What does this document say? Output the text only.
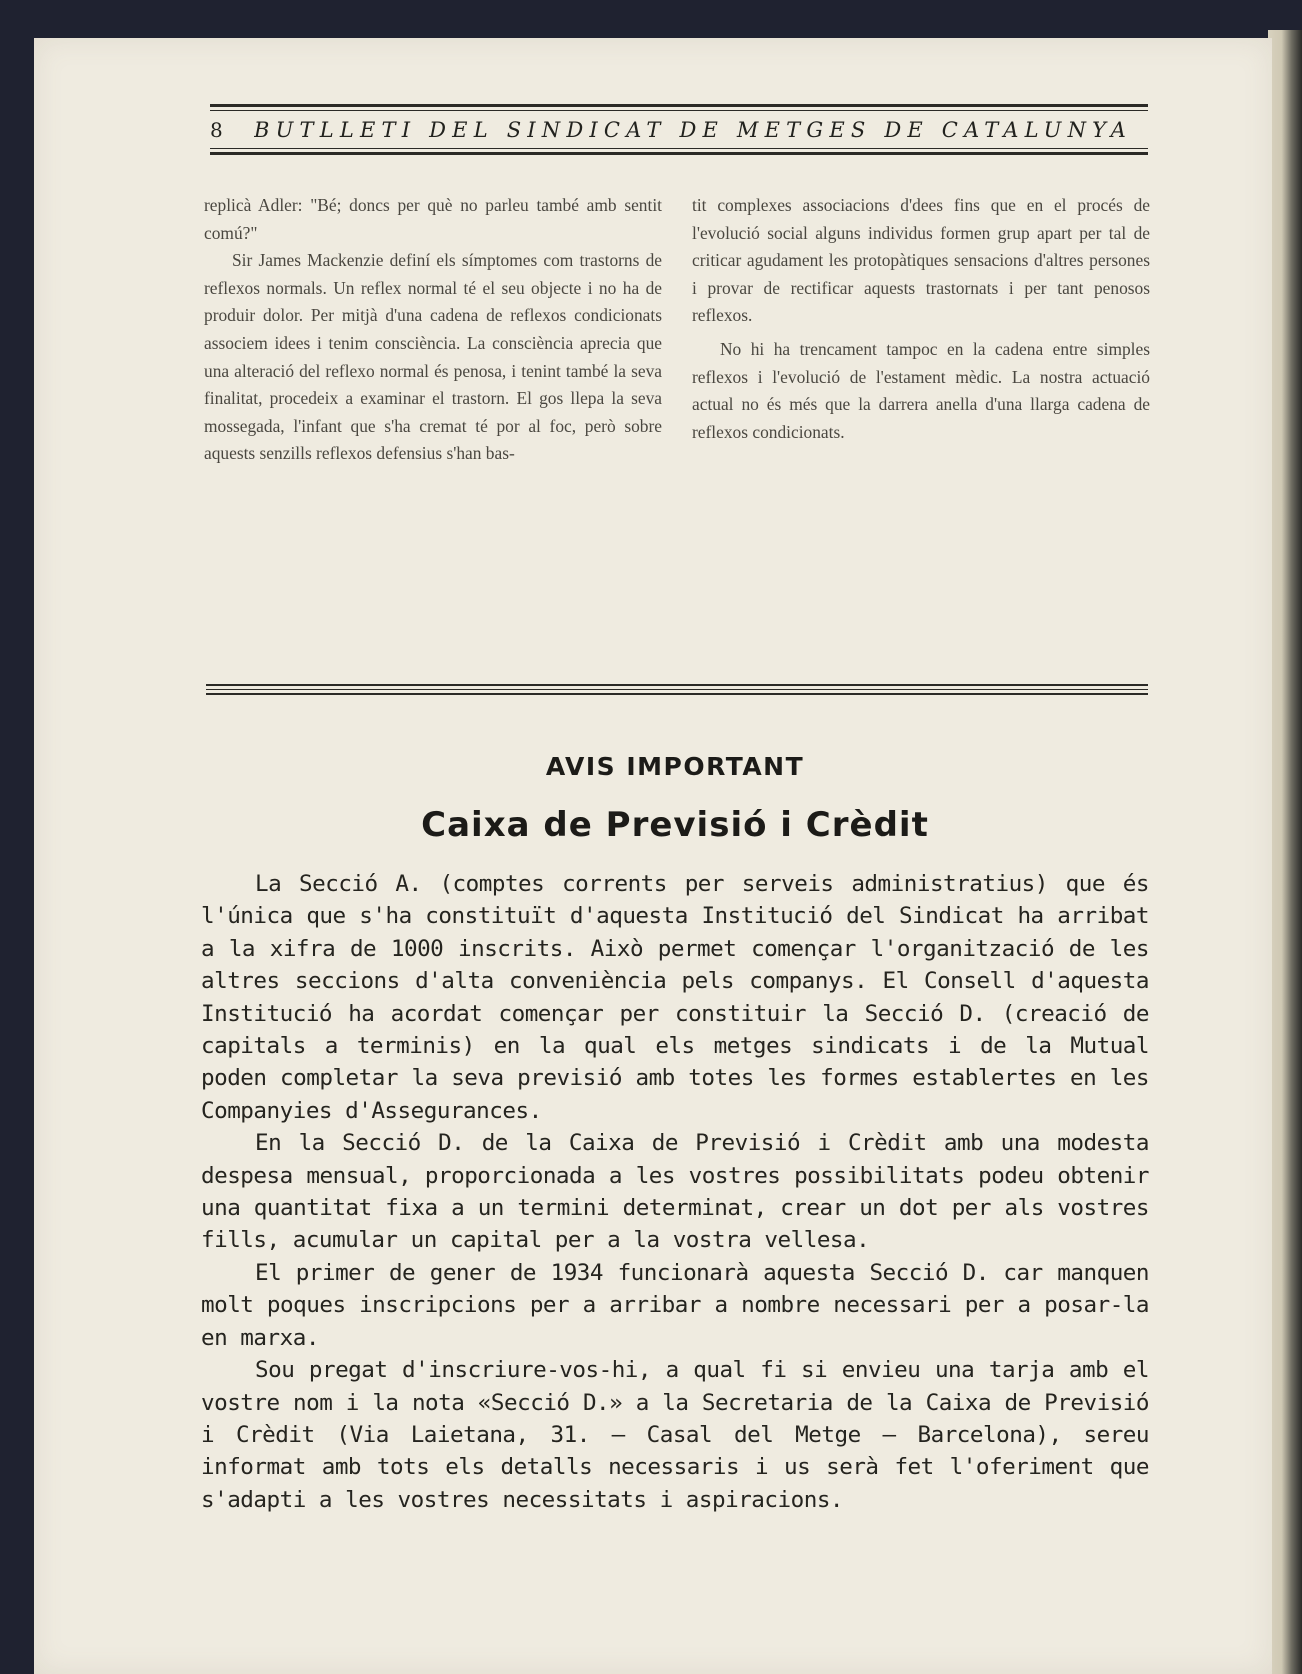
8	BUTLLETI DEL SINDICAT DE METGES DE CATALUNYA

replicà Adler: "Bé; doncs per què no parleu també amb sentit comú?"

Sir James Mackenzie definí els símptomes com trastorns de reflexos normals. Un reflex normal té el seu objecte i no ha de produir dolor. Per mitjà d'una cadena de reflexos condicionats associem idees i tenim consciència. La consciència aprecia que una alteració del reflexo normal és penosa, i tenint també la seva finalitat, procedeix a examinar el trastorn. El gos llepa la seva mossegada, l'infant que s'ha cremat té por al foc, però sobre aquests senzills reflexos defensius s'han bas-

tit complexes associacions d'dees fins que en el procés de l'evolució social alguns individus formen grup apart per tal de criticar agudament les protopàtiques sensacions d'altres persones i provar de rectificar aquests trastornats i per tant penosos reflexos.

No hi ha trencament tampoc en la cadena entre simples reflexos i l'evolució de l'estament mèdic. La nostra actuació actual no és més que la darrera anella d'una llarga cadena de reflexos condicionats.

AVIS IMPORTANT
Caixa de Previsió i Crèdit

La Secció A. (comptes corrents per serveis administratius) que és l'única que s'ha constituït d'aquesta Institució del Sindicat ha arribat a la xifra de 1000 inscrits. Això permet començar l'organització de les altres seccions d'alta conveniència pels companys. El Consell d'aquesta Institució ha acordat començar per constituir la Secció D. (creació de capitals a terminis) en la qual els metges sindicats i de la Mutual poden completar la seva previsió amb totes les formes establertes en les Companyies d'Assegurances.

En la Secció D. de la Caixa de Previsió i Crèdit amb una modesta despesa mensual, proporcionada a les vostres possibilitats podeu obtenir una quantitat fixa a un termini determinat, crear un dot per als vostres fills, acumular un capital per a la vostra vellesa.

El primer de gener de 1934 funcionarà aquesta Secció D. car manquen molt poques inscripcions per a arribar a nombre necessari per a posar-la en marxa.

Sou pregat d'inscriure-vos-hi, a qual fi si envieu una tarja amb el vostre nom i la nota «Secció D.» a la Secretaria de la Caixa de Previsió i Crèdit (Via Laietana, 31. — Casal del Metge — Barcelona), sereu informat amb tots els detalls necessaris i us serà fet l'oferiment que s'adapti a les vostres necessitats i aspiracions.
